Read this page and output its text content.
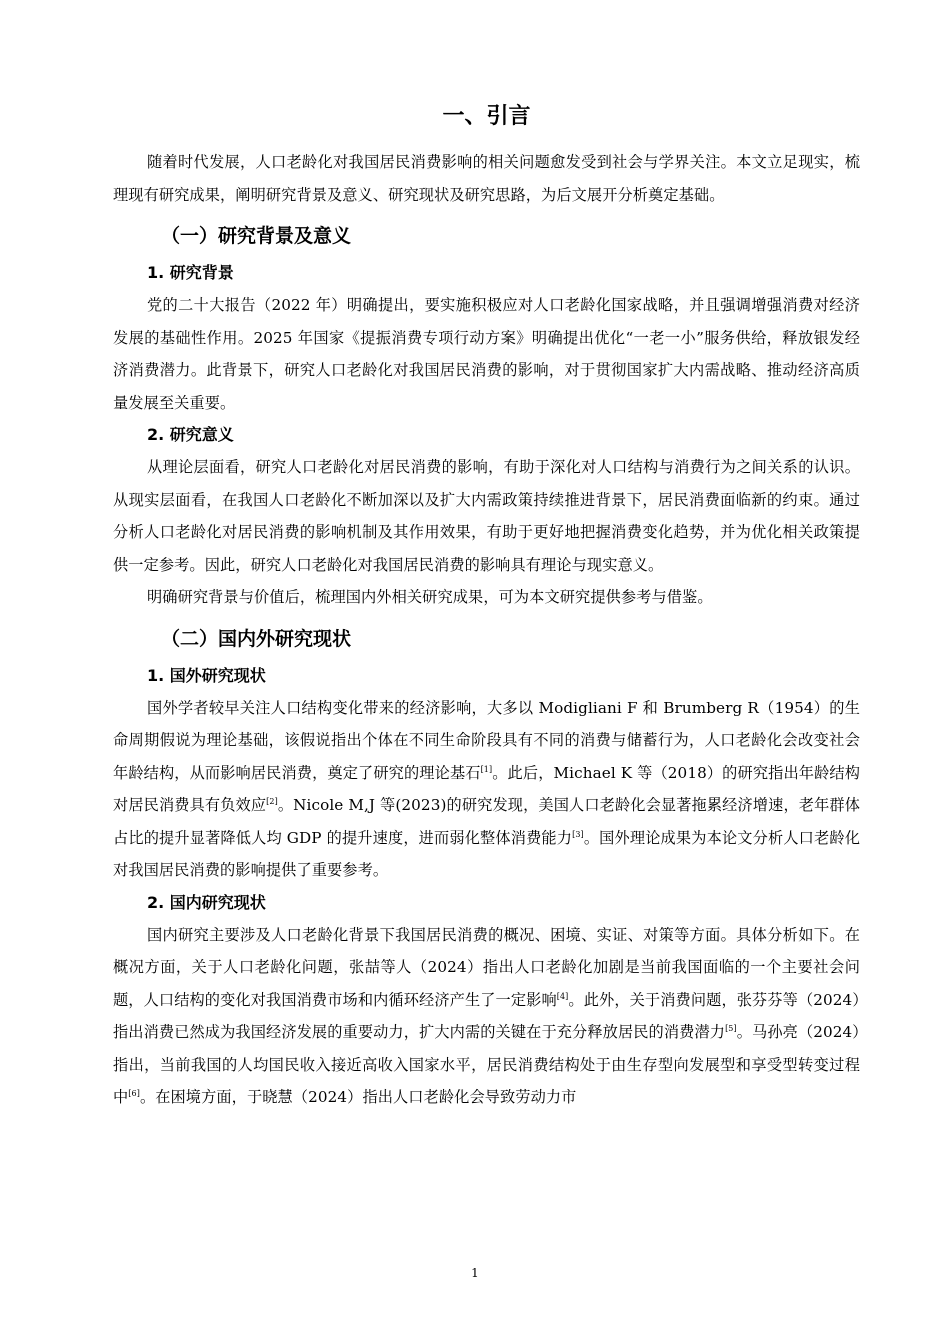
一、引言

随着时代发展，人口老龄化对我国居民消费影响的相关问题愈发受到社会与学界关注。本文立足现实，梳理现有研究成果，阐明研究背景及意义、研究现状及研究思路，为后文展开分析奠定基础。

（一）研究背景及意义
1. 研究背景

党的二十大报告（2022 年）明确提出，要实施积极应对人口老龄化国家战略，并且强调增强消费对经济发展的基础性作用。2025 年国家《提振消费专项行动方案》明确提出优化“一老一小”服务供给，释放银发经济消费潜力。此背景下，研究人口老龄化对我国居民消费的影响，对于贯彻国家扩大内需战略、推动经济高质量发展至关重要。

2. 研究意义

从理论层面看，研究人口老龄化对居民消费的影响，有助于深化对人口结构与消费行为之间关系的认识。从现实层面看，在我国人口老龄化不断加深以及扩大内需政策持续推进背景下，居民消费面临新的约束。通过分析人口老龄化对居民消费的影响机制及其作用效果，有助于更好地把握消费变化趋势，并为优化相关政策提供一定参考。因此，研究人口老龄化对我国居民消费的影响具有理论与现实意义。

明确研究背景与价值后，梳理国内外相关研究成果，可为本文研究提供参考与借鉴。

（二）国内外研究现状
1. 国外研究现状

国外学者较早关注人口结构变化带来的经济影响，大多以 Modigliani F 和 Brumberg R（1954）的生命周期假说为理论基础，该假说指出个体在不同生命阶段具有不同的消费与储蓄行为，人口老龄化会改变社会年龄结构，从而影响居民消费，奠定了研究的理论基石[1]。此后，Michael K 等（2018）的研究指出年龄结构对居民消费具有负效应[2]。Nicole M,J 等(2023)的研究发现，美国人口老龄化会显著拖累经济增速，老年群体占比的提升显著降低人均 GDP 的提升速度，进而弱化整体消费能力[3]。国外理论成果为本论文分析人口老龄化对我国居民消费的影响提供了重要参考。

2. 国内研究现状

国内研究主要涉及人口老龄化背景下我国居民消费的概况、困境、实证、对策等方面。具体分析如下。在概况方面，关于人口老龄化问题，张喆等人（2024）指出人口老龄化加剧是当前我国面临的一个主要社会问题，人口结构的变化对我国消费市场和内循环经济产生了一定影响[4]。此外，关于消费问题，张芬芬等（2024）指出消费已然成为我国经济发展的重要动力，扩大内需的关键在于充分释放居民的消费潜力[5]。马孙亮（2024）指出，当前我国的人均国民收入接近高收入国家水平，居民消费结构处于由生存型向发展型和享受型转变过程中[6]。在困境方面，于晓慧（2024）指出人口老龄化会导致劳动力市

1
